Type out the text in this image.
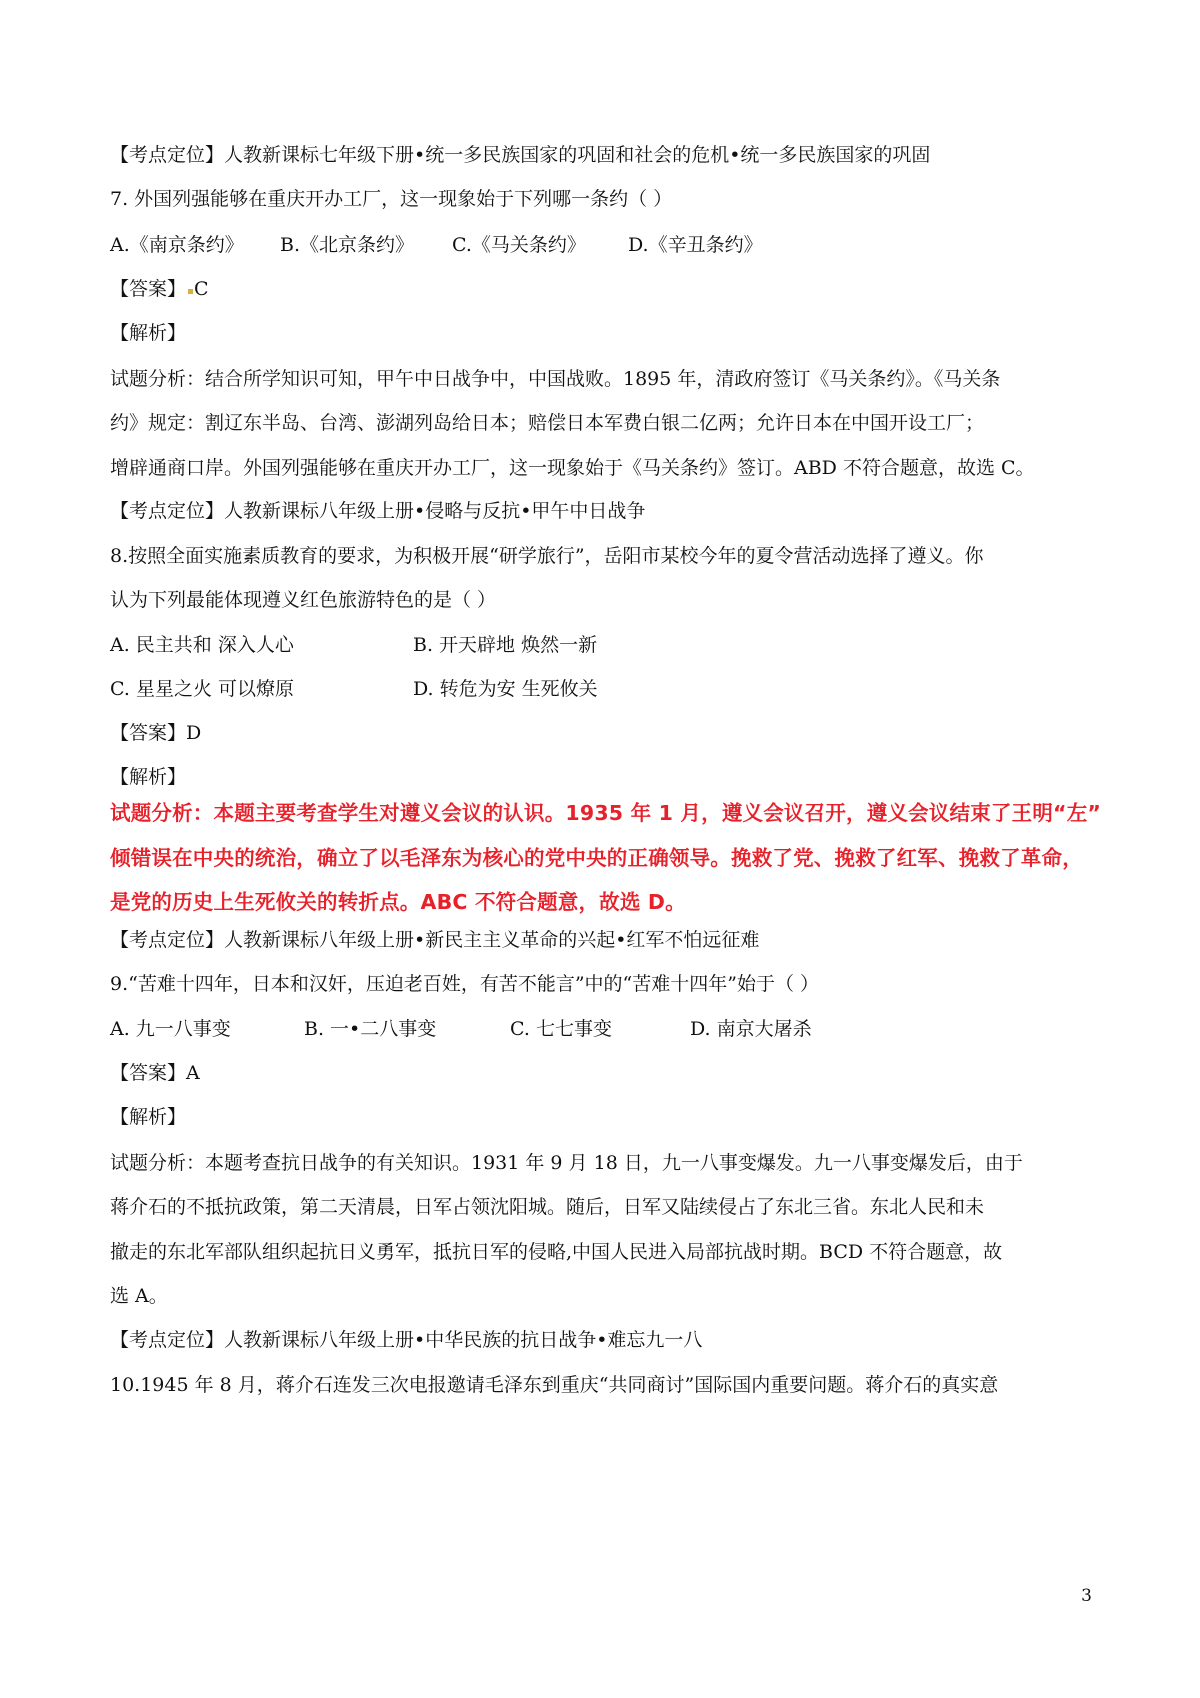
【考点定位】人教新课标七年级下册•统一多民族国家的巩固和社会的危机•统一多民族国家的巩固
7. 外国列强能够在重庆开办工厂，这一现象始于下列哪一条约（ ）
A.《南京条约》 B.《北京条约》 C.《马关条约》 D.《辛丑条约》
【答案】 C
【解析】
试题分析：结合所学知识可知，甲午中日战争中，中国战败。1895 年，清政府签订《马关条约》。《马关条
约》规定：割辽东半岛、台湾、澎湖列岛给日本；赔偿日本军费白银二亿两；允许日本在中国开设工厂；
增辟通商口岸。外国列强能够在重庆开办工厂，这一现象始于《马关条约》签订。ABD 不符合题意，故选 C。
【考点定位】人教新课标八年级上册•侵略与反抗•甲午中日战争
8.按照全面实施素质教育的要求，为积极开展“研学旅行”，岳阳市某校今年的夏令营活动选择了遵义。你
认为下列最能体现遵义红色旅游特色的是（ ）
A. 民主共和 深入人心	B. 开天辟地 焕然一新
C. 星星之火 可以燎原	D. 转危为安 生死攸关
【答案】D
【解析】
试题分析：本题主要考查学生对遵义会议的认识。1935 年 1 月，遵义会议召开，遵义会议结束了王明“左”
倾错误在中央的统治，确立了以毛泽东为核心的党中央的正确领导。挽救了党、挽救了红军、挽救了革命，
是党的历史上生死攸关的转折点。ABC 不符合题意，故选 D。
【考点定位】人教新课标八年级上册•新民主主义革命的兴起•红军不怕远征难
9.“苦难十四年，日本和汉奸，压迫老百姓，有苦不能言”中的“苦难十四年”始于（ ）
A. 九一八事变	B. 一•二八事变	C. 七七事变	D. 南京大屠杀
【答案】A
【解析】
试题分析：本题考查抗日战争的有关知识。1931 年 9 月 18 日，九一八事变爆发。九一八事变爆发后，由于
蒋介石的不抵抗政策，第二天清晨，日军占领沈阳城。随后，日军又陆续侵占了东北三省。东北人民和未
撤走的东北军部队组织起抗日义勇军，抵抗日军的侵略,中国人民进入局部抗战时期。BCD 不符合题意，故
选 A。
【考点定位】人教新课标八年级上册•中华民族的抗日战争•难忘九一八
10.1945 年 8 月，蒋介石连发三次电报邀请毛泽东到重庆“共同商讨”国际国内重要问题。蒋介石的真实意
3
